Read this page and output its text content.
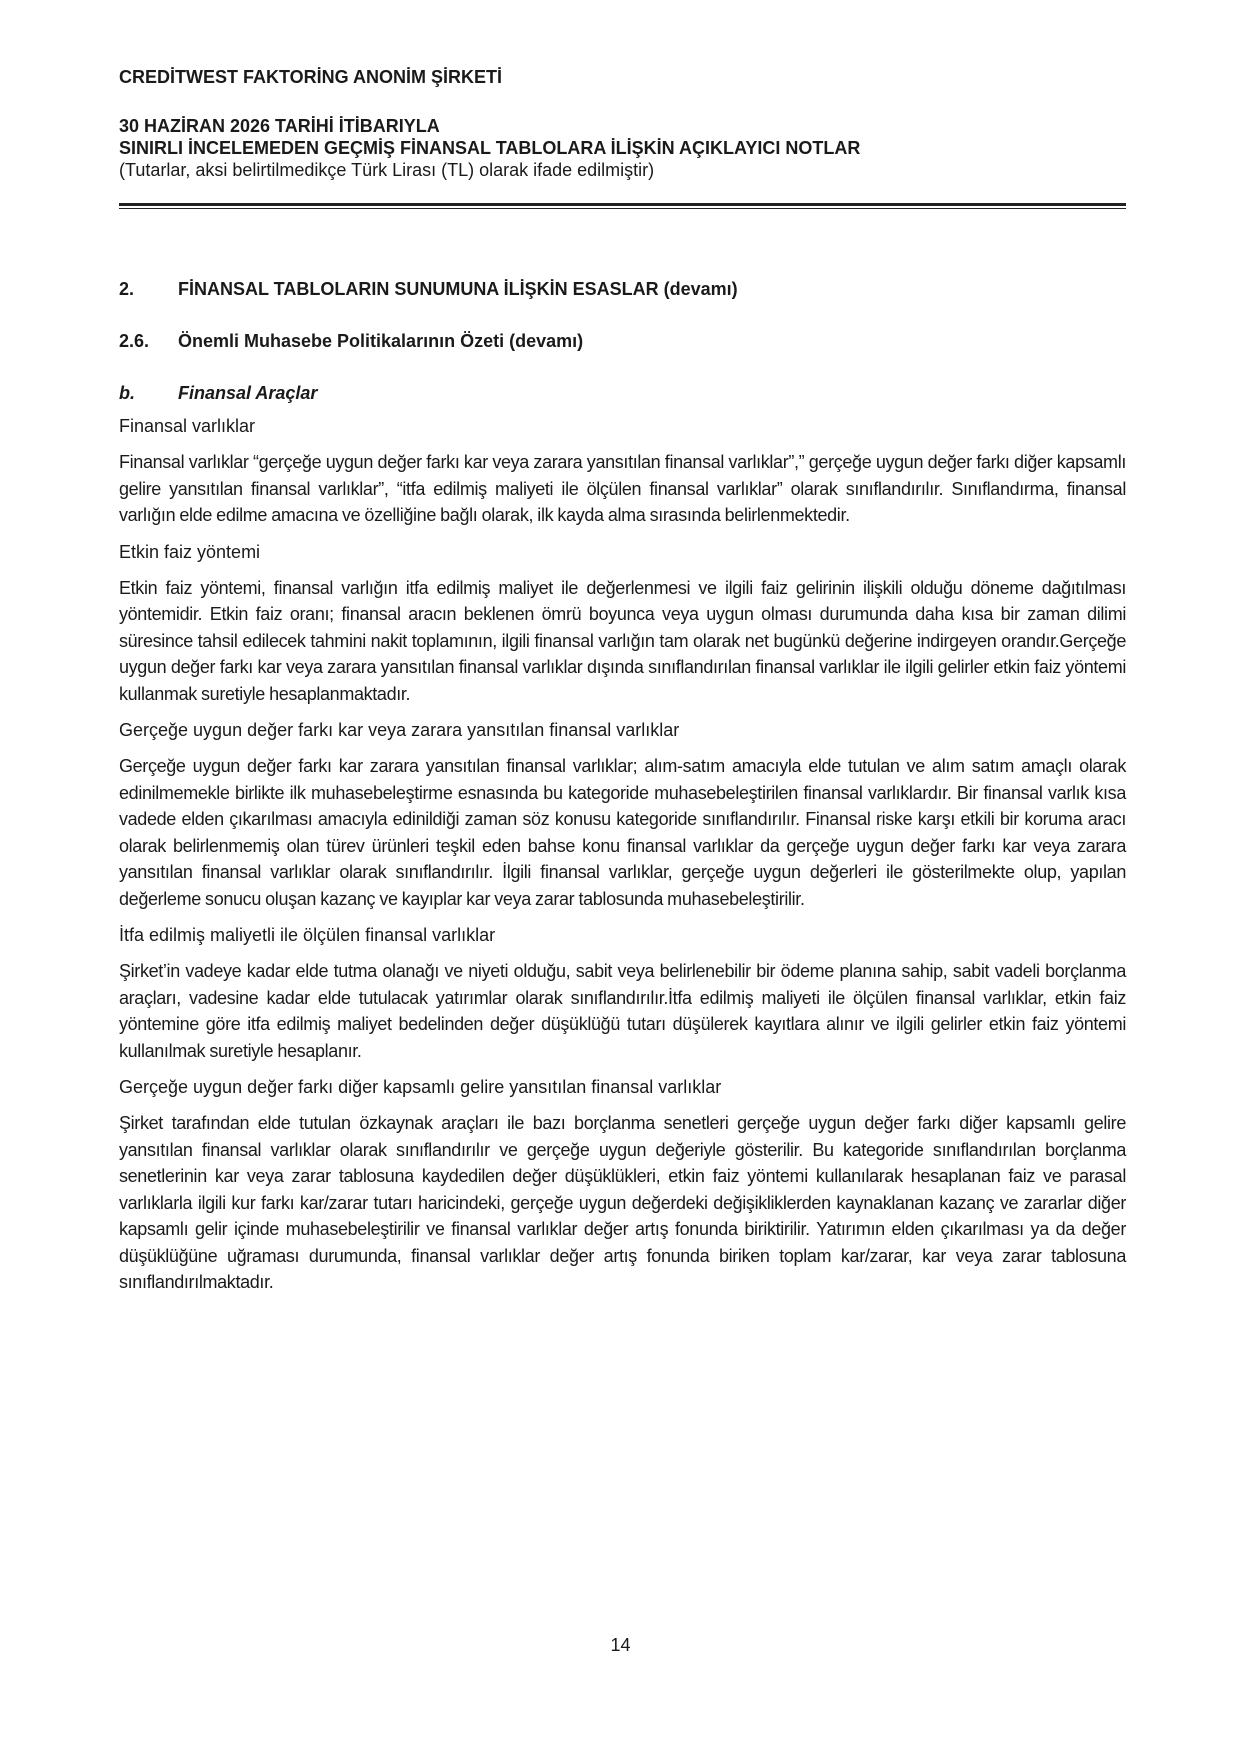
CREDİTWEST FAKTORİNG ANONİM ŞİRKETİ

30 HAZİRAN 2026 TARİHİ İTİBARIYLA

SINIRLI İNCELEMEDEN GEÇMİŞ FİNANSAL TABLOLARA İLİŞKİN AÇIKLAYICI NOTLAR

(Tutarlar, aksi belirtilmedikçe Türk Lirası (TL) olarak ifade edilmiştir)

2.	FİNANSAL TABLOLARIN SUNUMUNA İLİŞKİN ESASLAR (devamı)
2.6.	Önemli Muhasebe Politikalarının Özeti (devamı)
b.	Finansal Araçlar

Finansal varlıklar

Finansal varlıklar “gerçeğe uygun değer farkı kar veya zarara yansıtılan finansal varlıklar”,” gerçeğe uygun değer farkı diğer kapsamlı gelire yansıtılan finansal varlıklar”, “itfa edilmiş maliyeti ile ölçülen finansal varlıklar” olarak sınıflandırılır. Sınıflandırma, finansal varlığın elde edilme amacına ve özelliğine bağlı olarak, ilk kayda alma sırasında belirlenmektedir.

Etkin faiz yöntemi

Etkin faiz yöntemi, finansal varlığın itfa edilmiş maliyet ile değerlenmesi ve ilgili faiz gelirinin ilişkili olduğu döneme dağıtılması yöntemidir. Etkin faiz oranı; finansal aracın beklenen ömrü boyunca veya uygun olması durumunda daha kısa bir zaman dilimi süresince tahsil edilecek tahmini nakit toplamının, ilgili finansal varlığın tam olarak net bugünkü değerine indirgeyen orandır.Gerçeğe uygun değer farkı kar veya zarara yansıtılan finansal varlıklar dışında sınıflandırılan finansal varlıklar ile ilgili gelirler etkin faiz yöntemi kullanmak suretiyle hesaplanmaktadır.

Gerçeğe uygun değer farkı kar veya zarara yansıtılan finansal varlıklar

Gerçeğe uygun değer farkı kar zarara yansıtılan finansal varlıklar; alım-satım amacıyla elde tutulan ve alım satım amaçlı olarak edinilmemekle birlikte ilk muhasebeleştirme esnasında bu kategoride muhasebeleştirilen finansal varlıklardır. Bir finansal varlık kısa vadede elden çıkarılması amacıyla edinildiği zaman söz konusu kategoride sınıflandırılır. Finansal riske karşı etkili bir koruma aracı olarak belirlenmemiş olan türev ürünleri teşkil eden bahse konu finansal varlıklar da gerçeğe uygun değer farkı kar veya zarara yansıtılan finansal varlıklar olarak sınıflandırılır. İlgili finansal varlıklar, gerçeğe uygun değerleri ile gösterilmekte olup, yapılan değerleme sonucu oluşan kazanç ve kayıplar kar veya zarar tablosunda muhasebeleştirilir.

İtfa edilmiş maliyetli ile ölçülen finansal varlıklar

Şirket’in vadeye kadar elde tutma olanağı ve niyeti olduğu, sabit veya belirlenebilir bir ödeme planına sahip, sabit vadeli borçlanma araçları, vadesine kadar elde tutulacak yatırımlar olarak sınıflandırılır.İtfa edilmiş maliyeti ile ölçülen finansal varlıklar, etkin faiz yöntemine göre itfa edilmiş maliyet bedelinden değer düşüklüğü tutarı düşülerek kayıtlara alınır ve ilgili gelirler etkin faiz yöntemi kullanılmak suretiyle hesaplanır.

Gerçeğe uygun değer farkı diğer kapsamlı gelire yansıtılan finansal varlıklar

Şirket tarafından elde tutulan özkaynak araçları ile bazı borçlanma senetleri gerçeğe uygun değer farkı diğer kapsamlı gelire yansıtılan finansal varlıklar olarak sınıflandırılır ve gerçeğe uygun değeriyle gösterilir. Bu kategoride sınıflandırılan borçlanma senetlerinin kar veya zarar tablosuna kaydedilen değer düşüklükleri, etkin faiz yöntemi kullanılarak hesaplanan faiz ve parasal varlıklarla ilgili kur farkı kar/zarar tutarı haricindeki, gerçeğe uygun değerdeki değişikliklerden kaynaklanan kazanç ve zararlar diğer kapsamlı gelir içinde muhasebeleştirilir ve finansal varlıklar değer artış fonunda biriktirilir. Yatırımın elden çıkarılması ya da değer düşüklüğüne uğraması durumunda, finansal varlıklar değer artış fonunda biriken toplam kar/zarar, kar veya zarar tablosuna sınıflandırılmaktadır.

14
